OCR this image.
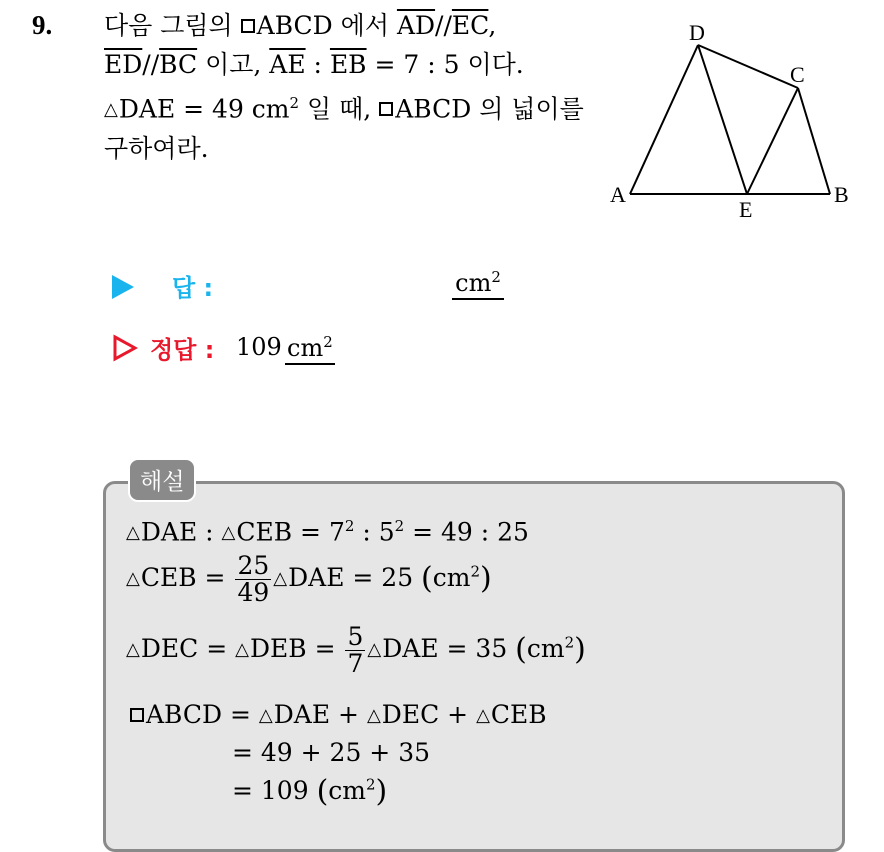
9. 다음 그림의 ABCD 에서 $\overline{AD}//\overline{EC}$,
$\overline{ED}//\overline{BC}$ 이고, $\overline{AE}$ : $\overline{EB} = 7$ : 5 이다.
△DAE = 49 $cm^2$ 일 때, ABCD 의 넓이를
구하여라.
A	B
C
D
E
답 :	$cm^2$
정답 : 109 $cm^2$
해설
△DAE : △CEB = $7^2$ : $5^2 = 49$ : 25
△CEB = $\frac{25}{49}$ △DAE = 25 $(cm^2)$
△DEC = △DEB = $\frac{5}{7}$ △DAE = 35 $(cm^2)$
ABCD = △DAE + △DEC + △CEB
= 49 + 25 + 35
= 109 $(cm^2)$
